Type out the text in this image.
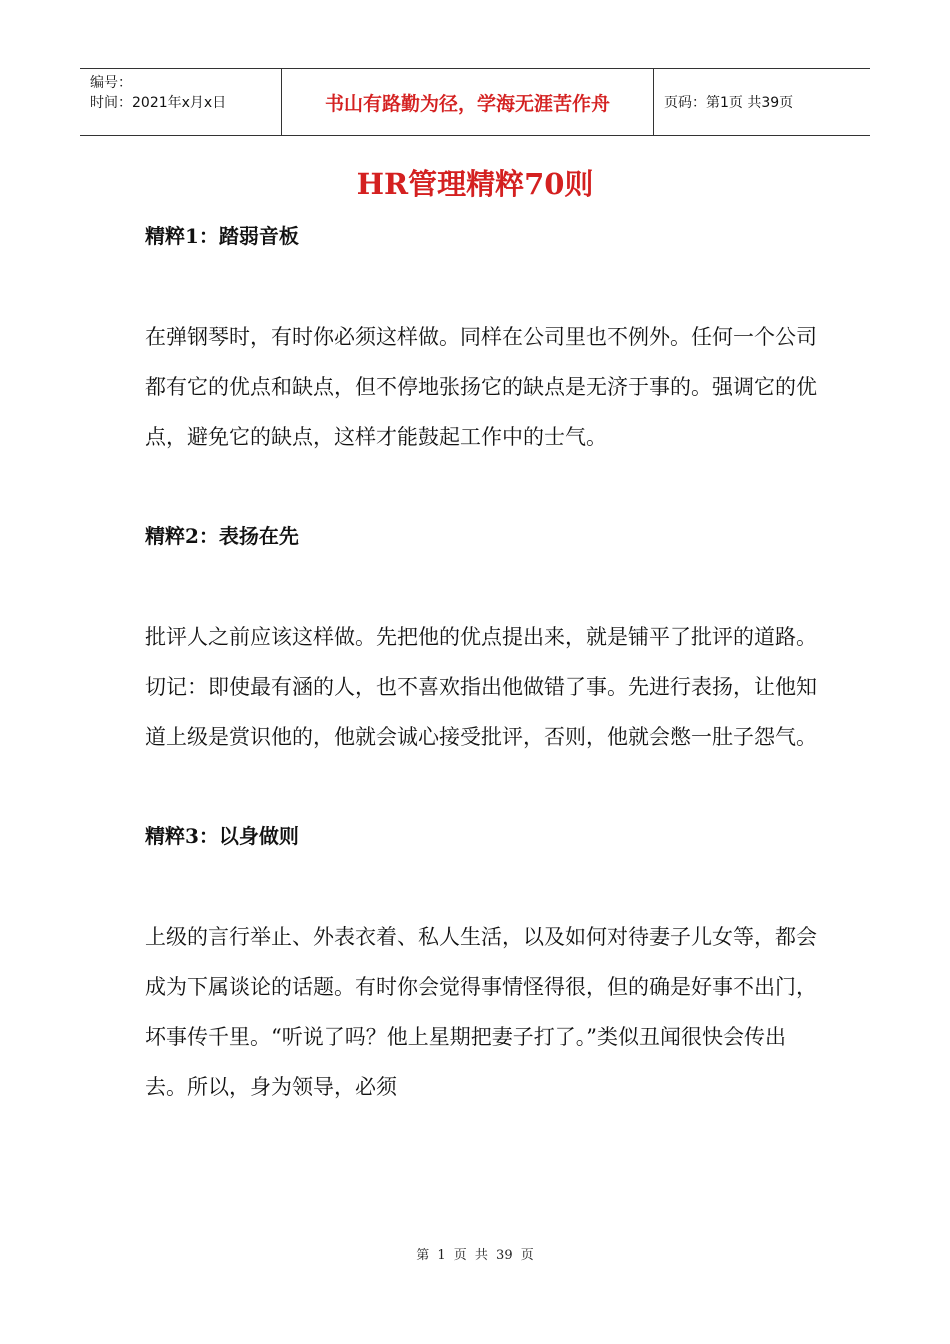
编号：
时间：2021年x月x日	书山有路勤为径，学海无涯苦作舟	页码：第1页 共39页
HR管理精粹70则
精粹1：踏弱音板

在弹钢琴时，有时你必须这样做。同样在公司里也不例外。任何一个公司都有它的优点和缺点，但不停地张扬它的缺点是无济于事的。强调它的优点，避免它的缺点，这样才能鼓起工作中的士气。

精粹2：表扬在先

批评人之前应该这样做。先把他的优点提出来，就是铺平了批评的道路。切记：即使最有涵的人，也不喜欢指出他做错了事。先进行表扬，让他知道上级是赏识他的，他就会诚心接受批评，否则，他就会憋一肚子怨气。

精粹3：以身做则

上级的言行举止、外表衣着、私人生活，以及如何对待妻子儿女等，都会成为下属谈论的话题。有时你会觉得事情怪得很，但的确是好事不出门，坏事传千里。“听说了吗？他上星期把妻子打了。”类似丑闻很快会传出去。所以，身为领导，必须

第 1 页 共 39 页
